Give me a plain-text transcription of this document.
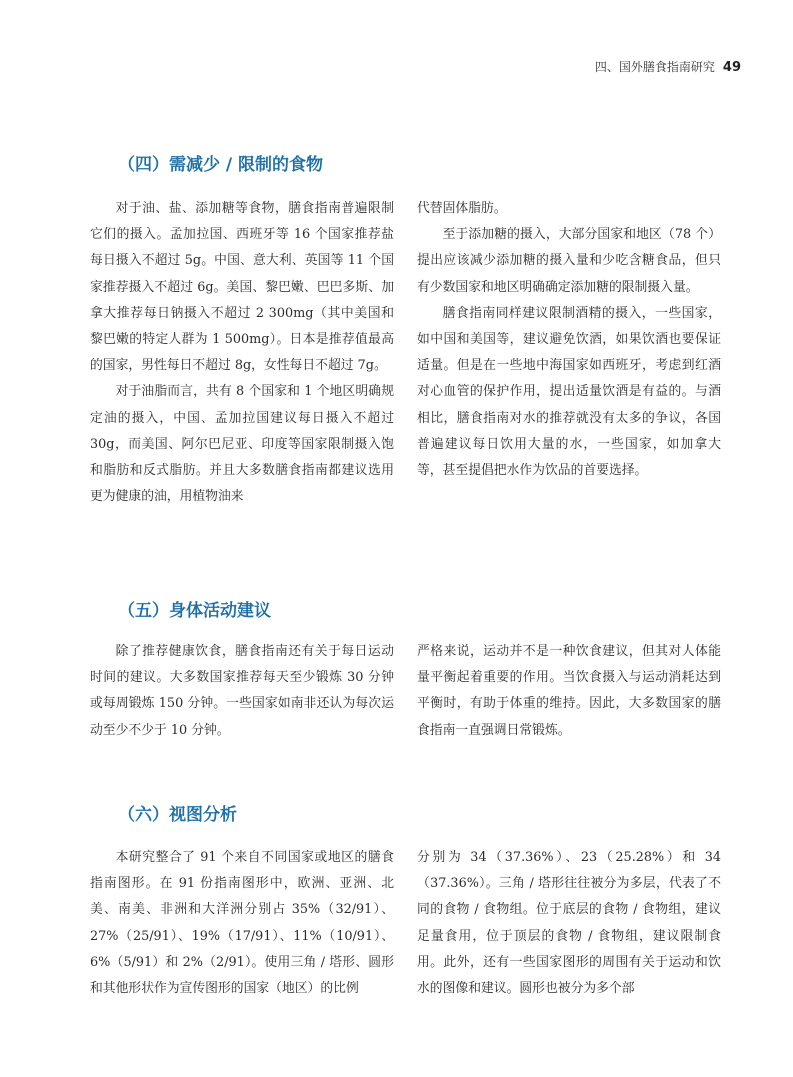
四、国外膳食指南研究 49
（四）需减少 / 限制的食物

对于油、盐、添加糖等食物，膳食指南普遍限制它们的摄入。孟加拉国、西班牙等 16 个国家推荐盐每日摄入不超过 5g。中国、意大利、英国等 11 个国家推荐摄入不超过 6g。美国、黎巴嫩、巴巴多斯、加拿大推荐每日钠摄入不超过 2 300mg（其中美国和黎巴嫩的特定人群为 1 500mg）。日本是推荐值最高的国家，男性每日不超过 8g，女性每日不超过 7g。

对于油脂而言，共有 8 个国家和 1 个地区明确规定油的摄入，中国、孟加拉国建议每日摄入不超过 30g，而美国、阿尔巴尼亚、印度等国家限制摄入饱和脂肪和反式脂肪。并且大多数膳食指南都建议选用更为健康的油，用植物油来

代替固体脂肪。

至于添加糖的摄入，大部分国家和地区（78 个）提出应该减少添加糖的摄入量和少吃含糖食品，但只有少数国家和地区明确确定添加糖的限制摄入量。

膳食指南同样建议限制酒精的摄入，一些国家，如中国和美国等，建议避免饮酒，如果饮酒也要保证适量。但是在一些地中海国家如西班牙，考虑到红酒对心血管的保护作用，提出适量饮酒是有益的。与酒相比，膳食指南对水的推荐就没有太多的争议，各国普遍建议每日饮用大量的水，一些国家，如加拿大等，甚至提倡把水作为饮品的首要选择。

（五）身体活动建议

除了推荐健康饮食，膳食指南还有关于每日运动时间的建议。大多数国家推荐每天至少锻炼 30 分钟或每周锻炼 150 分钟。一些国家如南非还认为每次运动至少不少于 10 分钟。

严格来说，运动并不是一种饮食建议，但其对人体能量平衡起着重要的作用。当饮食摄入与运动消耗达到平衡时，有助于体重的维持。因此，大多数国家的膳食指南一直强调日常锻炼。

（六）视图分析

本研究整合了 91 个来自不同国家或地区的膳食指南图形。在 91 份指南图形中，欧洲、亚洲、北美、南美、非洲和大洋洲分别占 35%（32/91）、27%（25/91）、19%（17/91）、11%（10/91）、6%（5/91）和 2%（2/91）。使用三角 / 塔形、圆形和其他形状作为宣传图形的国家（地区）的比例

分别为 34（37.36%）、23（25.28%）和 34（37.36%）。三角 / 塔形往往被分为多层，代表了不同的食物 / 食物组。位于底层的食物 / 食物组，建议足量食用，位于顶层的食物 / 食物组，建议限制食用。此外，还有一些国家图形的周围有关于运动和饮水的图像和建议。圆形也被分为多个部
